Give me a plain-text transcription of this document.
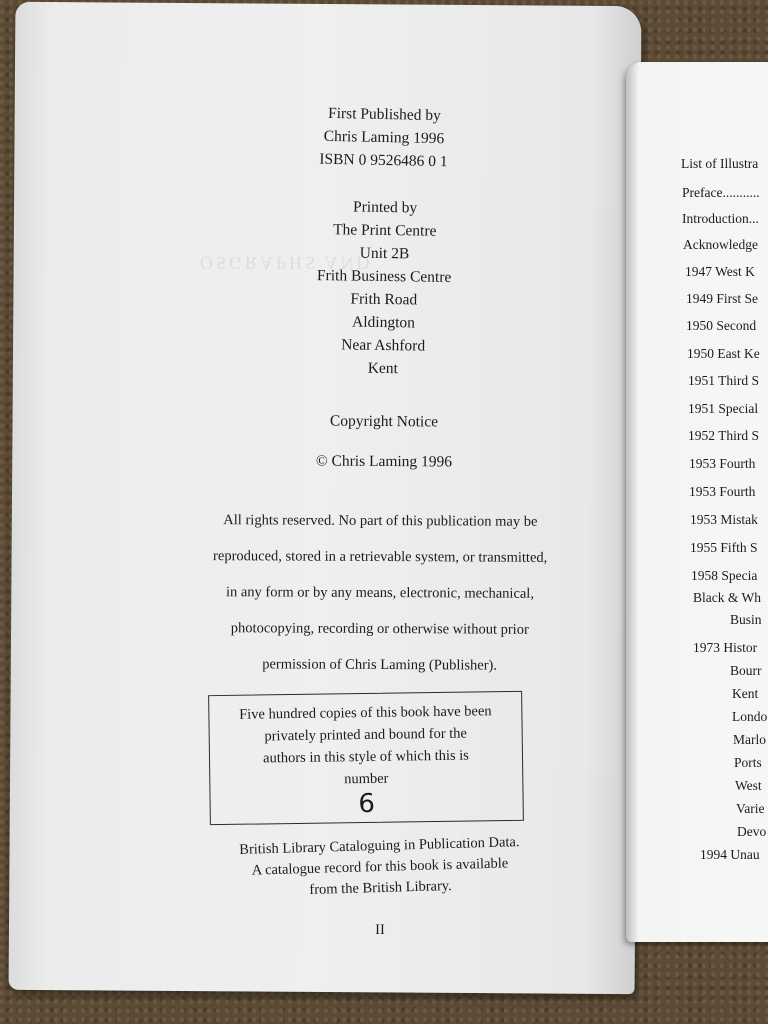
OSGRAPHS AND
First Published by
Chris Laming 1996
ISBN 0 9526486 0 1
Printed by
The Print Centre
Unit 2B
Frith Business Centre
Frith Road
Aldington
Near Ashford
Kent
Copyright Notice
© Chris Laming 1996
All rights reserved. No part of this publication may be
reproduced, stored in a retrievable system, or transmitted,
in any form or by any means, electronic, mechanical,
photocopying, recording or otherwise without prior
permission of Chris Laming (Publisher).
Five hundred copies of this book have been
privately printed and bound for the
authors in this style of which this is
number
6
British Library Cataloguing in Publication Data.
A catalogue record for this book is available
from the British Library.
II
List of Illustra
Preface...........
Introduction...
Acknowledge
1947 West K
1949 First Se
1950 Second
1950 East Ke
1951 Third S
1951 Special
1952 Third S
1953 Fourth
1953 Fourth
1953 Mistak
1955 Fifth S
1958 Specia
Black & Wh
Busin
1973 Histor
Bourr
Kent
Londo
Marlo
Ports
West
Varie
Devo
1994 Unau
